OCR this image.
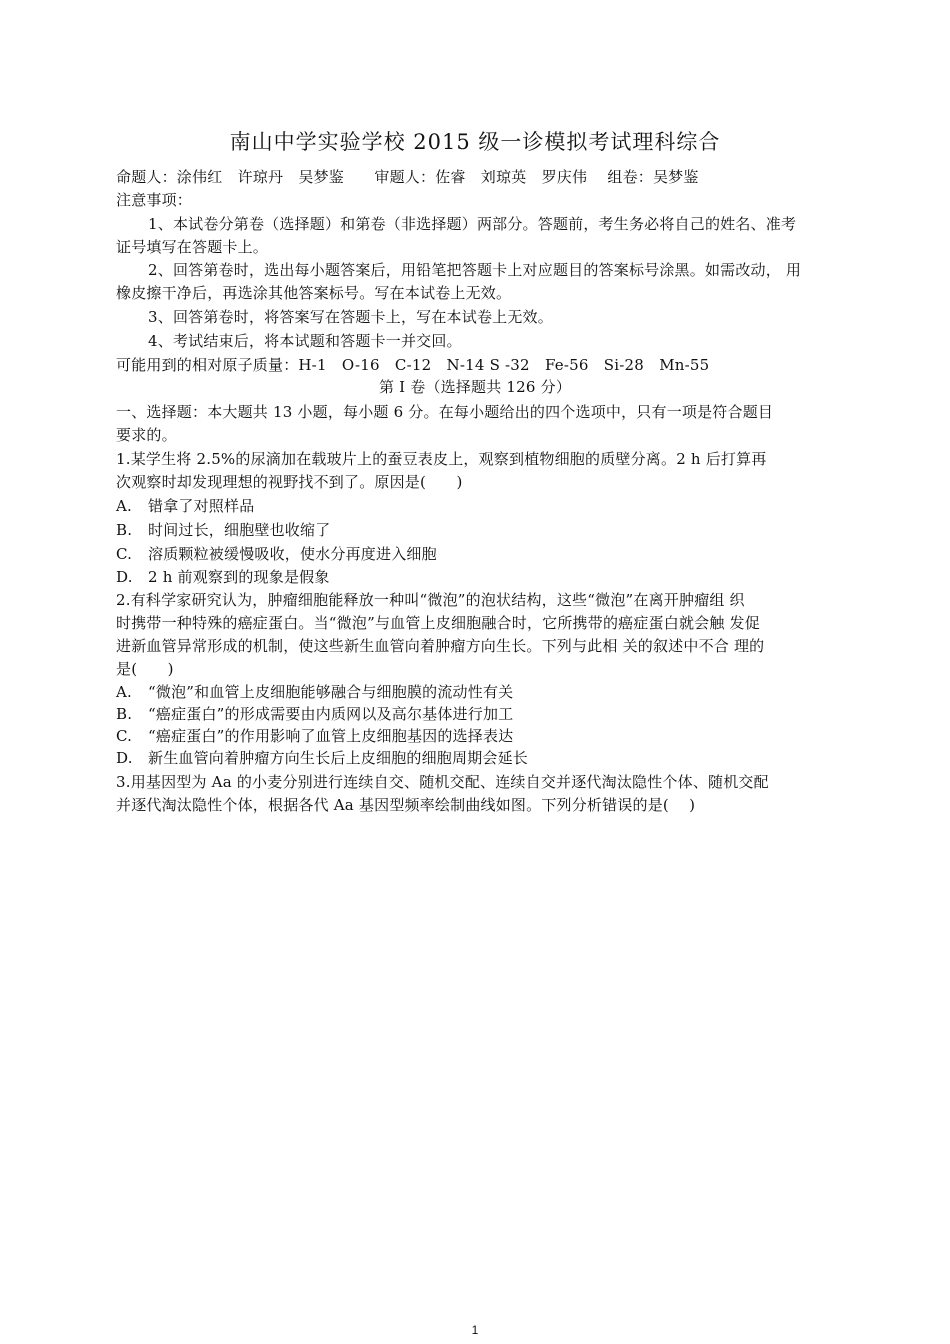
南山中学实验学校 2015 级一诊模拟考试理科综合
命题人：涂伟红　许琼丹　吴梦鉴　　审题人：佐睿　刘琼英　罗庆伟　 组卷：吴梦鉴
注意事项：
1、本试卷分第卷（选择题）和第卷（非选择题）两部分。答题前，考生务必将自己的姓名、准考
证号填写在答题卡上。
2、回答第卷时，选出每小题答案后，用铅笔把答题卡上对应题目的答案标号涂黑。如需改动， 用
橡皮擦干净后，再选涂其他答案标号。写在本试卷上无效。
3、回答第卷时，将答案写在答题卡上，写在本试卷上无效。
4、考试结束后，将本试题和答题卡一并交回。
可能用到的相对原子质量：H-1　O-16　C-12　N-14 S -32　Fe-56　Si-28　Mn-55
第 I 卷（选择题共 126 分）
一、选择题：本大题共 13 小题，每小题 6 分。在每小题给出的四个选项中，只有一项是符合题目
要求的。
1.某学生将 2.5%的尿滴加在载玻片上的蚕豆表皮上，观察到植物细胞的质壁分离。2 h 后打算再
次观察时却发现理想的视野找不到了。原因是(　　)
A. 错拿了对照样品
B. 时间过长，细胞壁也收缩了
C. 溶质颗粒被缓慢吸收，使水分再度进入细胞
D. 2 h 前观察到的现象是假象
2.有科学家研究认为，肿瘤细胞能释放一种叫“微泡”的泡状结构，这些“微泡”在离开肿瘤组 织
时携带一种特殊的癌症蛋白。当“微泡”与血管上皮细胞融合时，它所携带的癌症蛋白就会触 发促
进新血管异常形成的机制，使这些新生血管向着肿瘤方向生长。下列与此相 关的叙述中不合 理的
是(　　)
A. “微泡”和血管上皮细胞能够融合与细胞膜的流动性有关
B. “癌症蛋白”的形成需要由内质网以及高尔基体进行加工
C. “癌症蛋白”的作用影响了血管上皮细胞基因的选择表达
D. 新生血管向着肿瘤方向生长后上皮细胞的细胞周期会延长
3.用基因型为 Aa 的小麦分别进行连续自交、随机交配、连续自交并逐代淘汰隐性个体、随机交配
并逐代淘汰隐性个体，根据各代 Aa 基因型频率绘制曲线如图。下列分析错误的是(　 )
1
